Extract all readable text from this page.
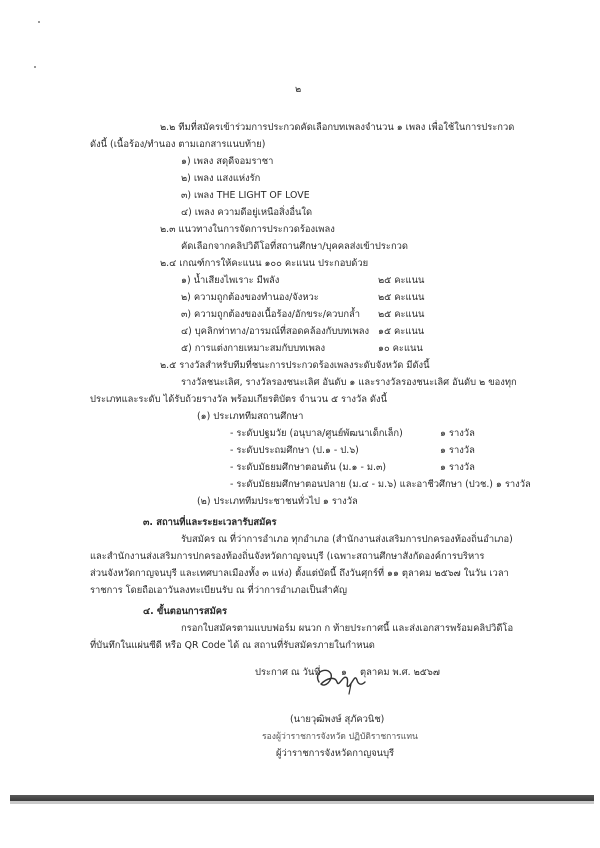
๒
๒.๒ ทีมที่สมัครเข้าร่วมการประกวดคัดเลือกบทเพลงจำนวน ๑ เพลง เพื่อใช้ในการประกวด
ดังนี้ (เนื้อร้อง/ทำนอง ตามเอกสารแนบท้าย)
๑) เพลง สดุดีจอมราชา
๒) เพลง แสงแห่งรัก
๓) เพลง THE LIGHT OF LOVE
๔) เพลง ความดีอยู่เหนือสิ่งอื่นใด
๒.๓ แนวทางในการจัดการประกวดร้องเพลง
คัดเลือกจากคลิปวิดีโอที่สถานศึกษา/บุคคลส่งเข้าประกวด
๒.๔ เกณฑ์การให้คะแนน ๑๐๐ คะแนน ประกอบด้วย
๑) น้ำเสียงไพเราะ มีพลัง	๒๕ คะแนน
๒) ความถูกต้องของทำนอง/จังหวะ	๒๕ คะแนน
๓) ความถูกต้องของเนื้อร้อง/อักขระ/ควบกล้ำ ๒๕ คะแนน
๔) บุคลิกท่าทาง/อารมณ์ที่สอดคล้องกับบทเพลง ๑๕ คะแนน
๕) การแต่งกายเหมาะสมกับบทเพลง	๑๐ คะแนน
๒.๕ รางวัลสำหรับทีมที่ชนะการประกวดร้องเพลงระดับจังหวัด มีดังนี้
รางวัลชนะเลิศ, รางวัลรองชนะเลิศ อันดับ ๑ และรางวัลรองชนะเลิศ อันดับ ๒ ของทุก
ประเภทและระดับ ได้รับถ้วยรางวัล พร้อมเกียรติบัตร จำนวน ๕ รางวัล ดังนี้
(๑) ประเภททีมสถานศึกษา
- ระดับปฐมวัย (อนุบาล/ศูนย์พัฒนาเด็กเล็ก)	๑ รางวัล
- ระดับประถมศึกษา (ป.๑ - ป.๖)	๑ รางวัล
- ระดับมัธยมศึกษาตอนต้น (ม.๑ - ม.๓)	๑ รางวัล
- ระดับมัธยมศึกษาตอนปลาย (ม.๔ - ม.๖) และอาชีวศึกษา (ปวช.) ๑ รางวัล
(๒) ประเภททีมประชาชนทั่วไป ๑ รางวัล
๓. สถานที่และระยะเวลารับสมัคร
รับสมัคร ณ ที่ว่าการอำเภอ ทุกอำเภอ (สำนักงานส่งเสริมการปกครองท้องถิ่นอำเภอ)
และสำนักงานส่งเสริมการปกครองท้องถิ่นจังหวัดกาญจนบุรี (เฉพาะสถานศึกษาสังกัดองค์การบริหาร
ส่วนจังหวัดกาญจนบุรี และเทศบาลเมืองทั้ง ๓ แห่ง) ตั้งแต่บัดนี้ ถึงวันศุกร์ที่ ๑๑ ตุลาคม ๒๕๖๗ ในวัน เวลา
ราชการ โดยถือเอาวันลงทะเบียนรับ ณ ที่ว่าการอำเภอเป็นสำคัญ
๔. ขั้นตอนการสมัคร
กรอกใบสมัครตามแบบฟอร์ม ผนวก ก ท้ายประกาศนี้ และส่งเอกสารพร้อมคลิปวิดีโอ
ที่บันทึกในแผ่นซีดี หรือ QR Code ได้ ณ สถานที่รับสมัครภายในกำหนด
ประกาศ ณ วันที่ ๑ ตุลาคม พ.ศ. ๒๕๖๗
(นายวุฒิพงษ์ สุภัควนิช)
รองผู้ว่าราชการจังหวัด ปฏิบัติราชการแทน
ผู้ว่าราชการจังหวัดกาญจนบุรี
